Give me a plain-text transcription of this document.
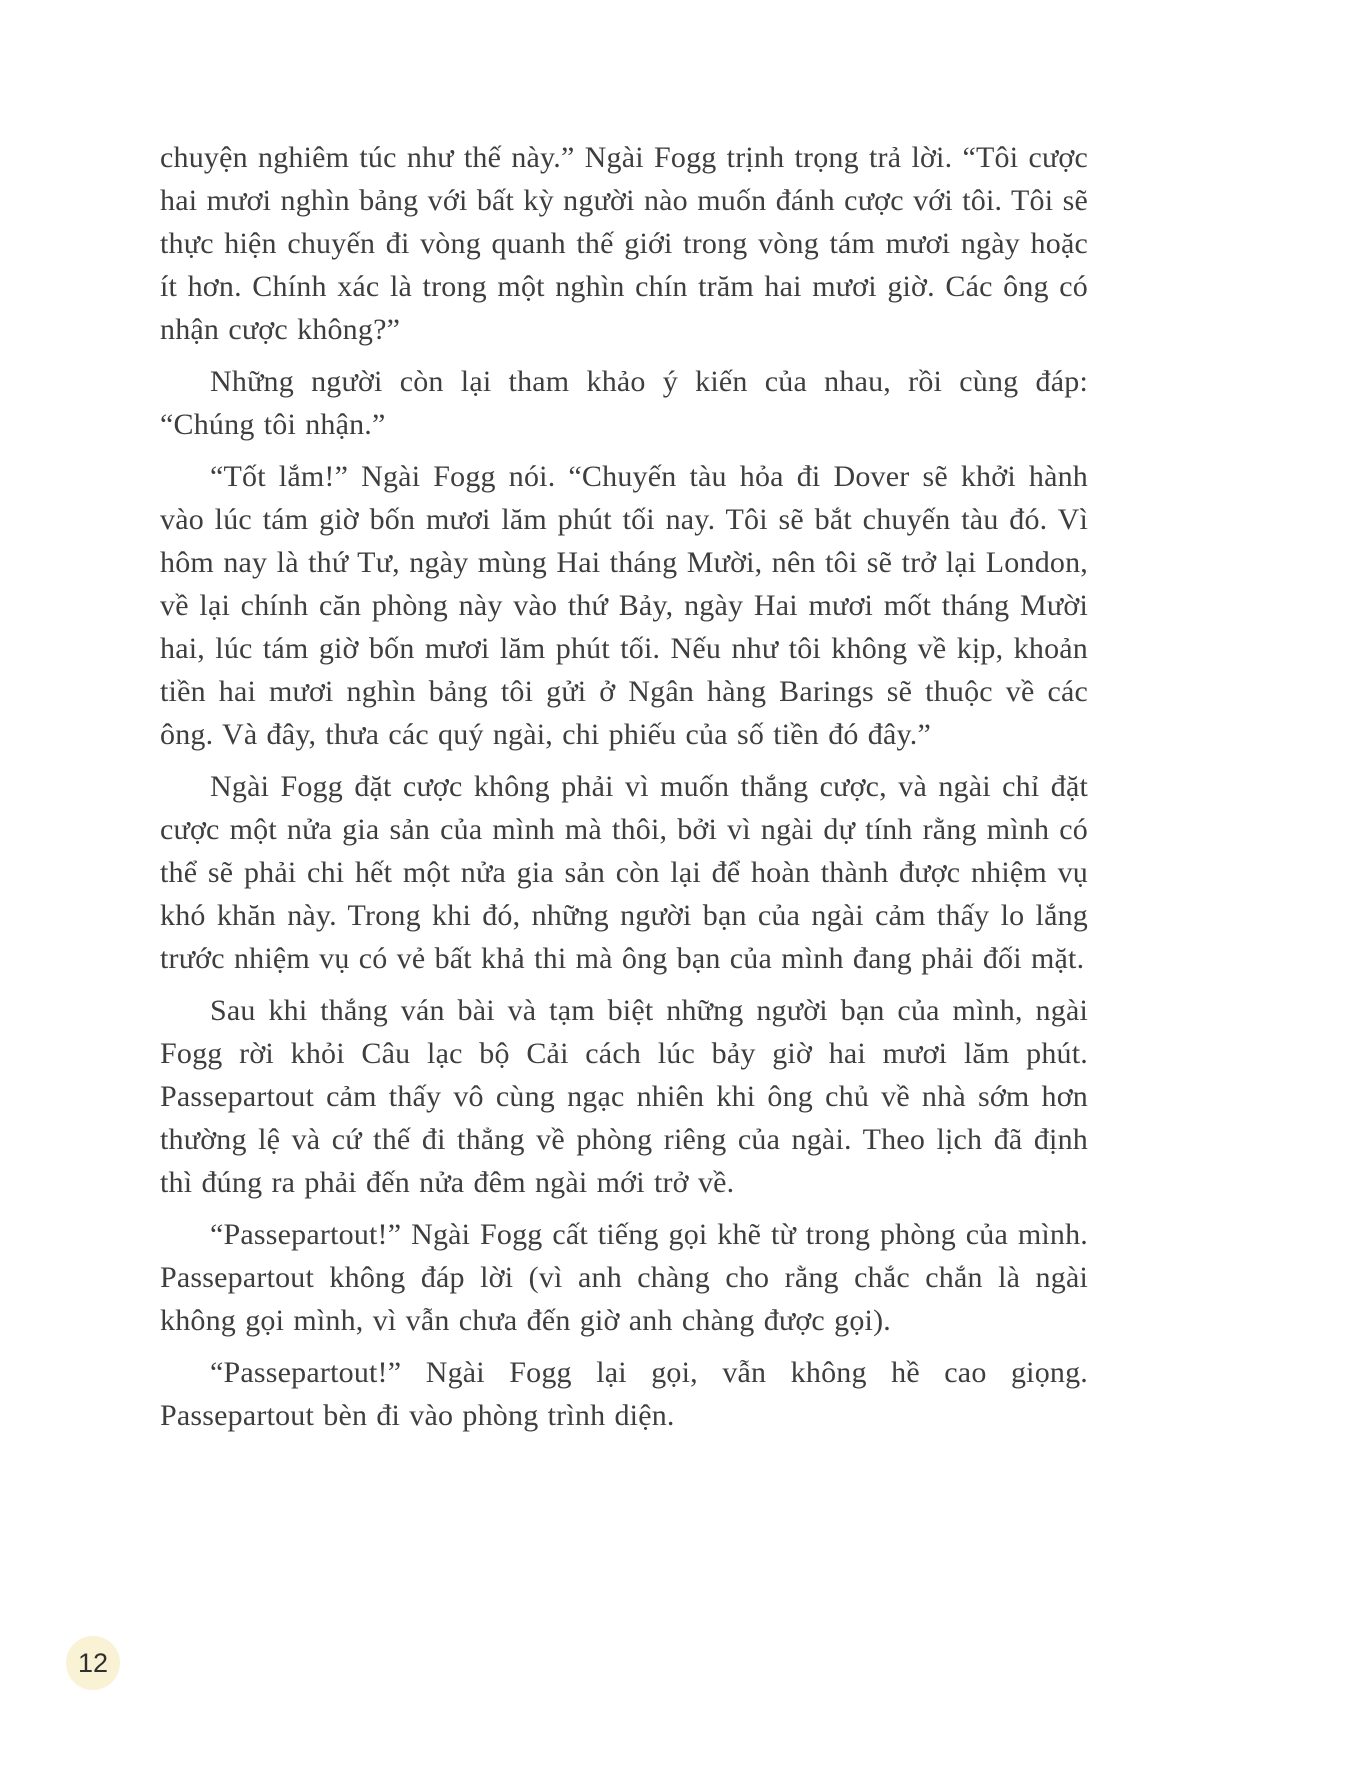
chuyện nghiêm túc như thế này.” Ngài Fogg trịnh trọng trả lời. “Tôi cược hai mươi nghìn bảng với bất kỳ người nào muốn đánh cược với tôi. Tôi sẽ thực hiện chuyến đi vòng quanh thế giới trong vòng tám mươi ngày hoặc ít hơn. Chính xác là trong một nghìn chín trăm hai mươi giờ. Các ông có nhận cược không?”

Những người còn lại tham khảo ý kiến của nhau, rồi cùng đáp: “Chúng tôi nhận.”

“Tốt lắm!” Ngài Fogg nói. “Chuyến tàu hỏa đi Dover sẽ khởi hành vào lúc tám giờ bốn mươi lăm phút tối nay. Tôi sẽ bắt chuyến tàu đó. Vì hôm nay là thứ Tư, ngày mùng Hai tháng Mười, nên tôi sẽ trở lại London, về lại chính căn phòng này vào thứ Bảy, ngày Hai mươi mốt tháng Mười hai, lúc tám giờ bốn mươi lăm phút tối. Nếu như tôi không về kịp, khoản tiền hai mươi nghìn bảng tôi gửi ở Ngân hàng Barings sẽ thuộc về các ông. Và đây, thưa các quý ngài, chi phiếu của số tiền đó đây.”

Ngài Fogg đặt cược không phải vì muốn thắng cược, và ngài chỉ đặt cược một nửa gia sản của mình mà thôi, bởi vì ngài dự tính rằng mình có thể sẽ phải chi hết một nửa gia sản còn lại để hoàn thành được nhiệm vụ khó khăn này. Trong khi đó, những người bạn của ngài cảm thấy lo lắng trước nhiệm vụ có vẻ bất khả thi mà ông bạn của mình đang phải đối mặt.

Sau khi thắng ván bài và tạm biệt những người bạn của mình, ngài Fogg rời khỏi Câu lạc bộ Cải cách lúc bảy giờ hai mươi lăm phút. Passepartout cảm thấy vô cùng ngạc nhiên khi ông chủ về nhà sớm hơn thường lệ và cứ thế đi thẳng về phòng riêng của ngài. Theo lịch đã định thì đúng ra phải đến nửa đêm ngài mới trở về.

“Passepartout!” Ngài Fogg cất tiếng gọi khẽ từ trong phòng của mình. Passepartout không đáp lời (vì anh chàng cho rằng chắc chắn là ngài không gọi mình, vì vẫn chưa đến giờ anh chàng được gọi).

“Passepartout!” Ngài Fogg lại gọi, vẫn không hề cao giọng. Passepartout bèn đi vào phòng trình diện.

12
